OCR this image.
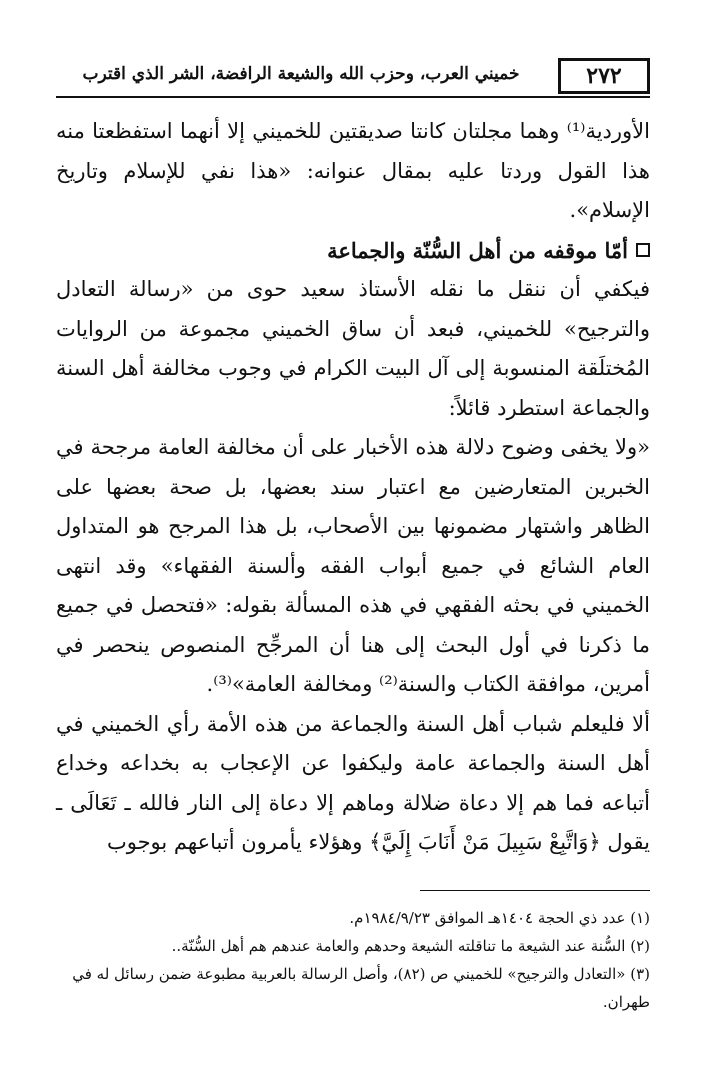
٢٧٢
خميني العرب، وحزب الله والشيعة الرافضة، الشر الذي اقترب

الأوردية⁽¹⁾ وهما مجلتان كانتا صديقتين للخميني إلا أنهما استفظعتا منه هذا القول وردتا عليه بمقال عنوانه: «هذا نفي للإسلام وتاريخ الإسلام».

أمّا موقفه من أهل السُّنّة والجماعة

فيكفي أن ننقل ما نقله الأستاذ سعيد حوى من «رسالة التعادل والترجيح» للخميني، فبعد أن ساق الخميني مجموعة من الروايات المُختلَقة المنسوبة إلى آل البيت الكرام في وجوب مخالفة أهل السنة والجماعة استطرد قائلاً:

«ولا يخفى وضوح دلالة هذه الأخبار على أن مخالفة العامة مرجحة في الخبرين المتعارضين مع اعتبار سند بعضها، بل صحة بعضها على الظاهر واشتهار مضمونها بين الأصحاب، بل هذا المرجح هو المتداول العام الشائع في جميع أبواب الفقه وألسنة الفقهاء» وقد انتهى الخميني في بحثه الفقهي في هذه المسألة بقوله: «فتحصل في جميع ما ذكرنا في أول البحث إلى هنا أن المرجِّح المنصوص ينحصر في أمرين، موافقة الكتاب والسنة⁽²⁾ ومخالفة العامة»⁽³⁾.

ألا فليعلم شباب أهل السنة والجماعة من هذه الأمة رأي الخميني في أهل السنة والجماعة عامة وليكفوا عن الإعجاب به بخداعه وخداع أتباعه فما هم إلا دعاة ضلالة وماهم إلا دعاة إلى النار فالله ـ تَعَالَى ـ يقول ﴿وَاتَّبِعْ سَبِيلَ مَنْ أَنَابَ إِلَيَّ﴾ وهؤلاء يأمرون أتباعهم بوجوب

(١) عدد ذي الحجة ١٤٠٤هـ الموافق ١٩٨٤/٩/٢٣م.

(٢) السُّنة عند الشيعة ما تناقلته الشيعة وحدهم والعامة عندهم هم أهل السُّنّة..

(٣) «التعادل والترجيح» للخميني ص (٨٢)، وأصل الرسالة بالعربية مطبوعة ضمن رسائل له في طهران.
